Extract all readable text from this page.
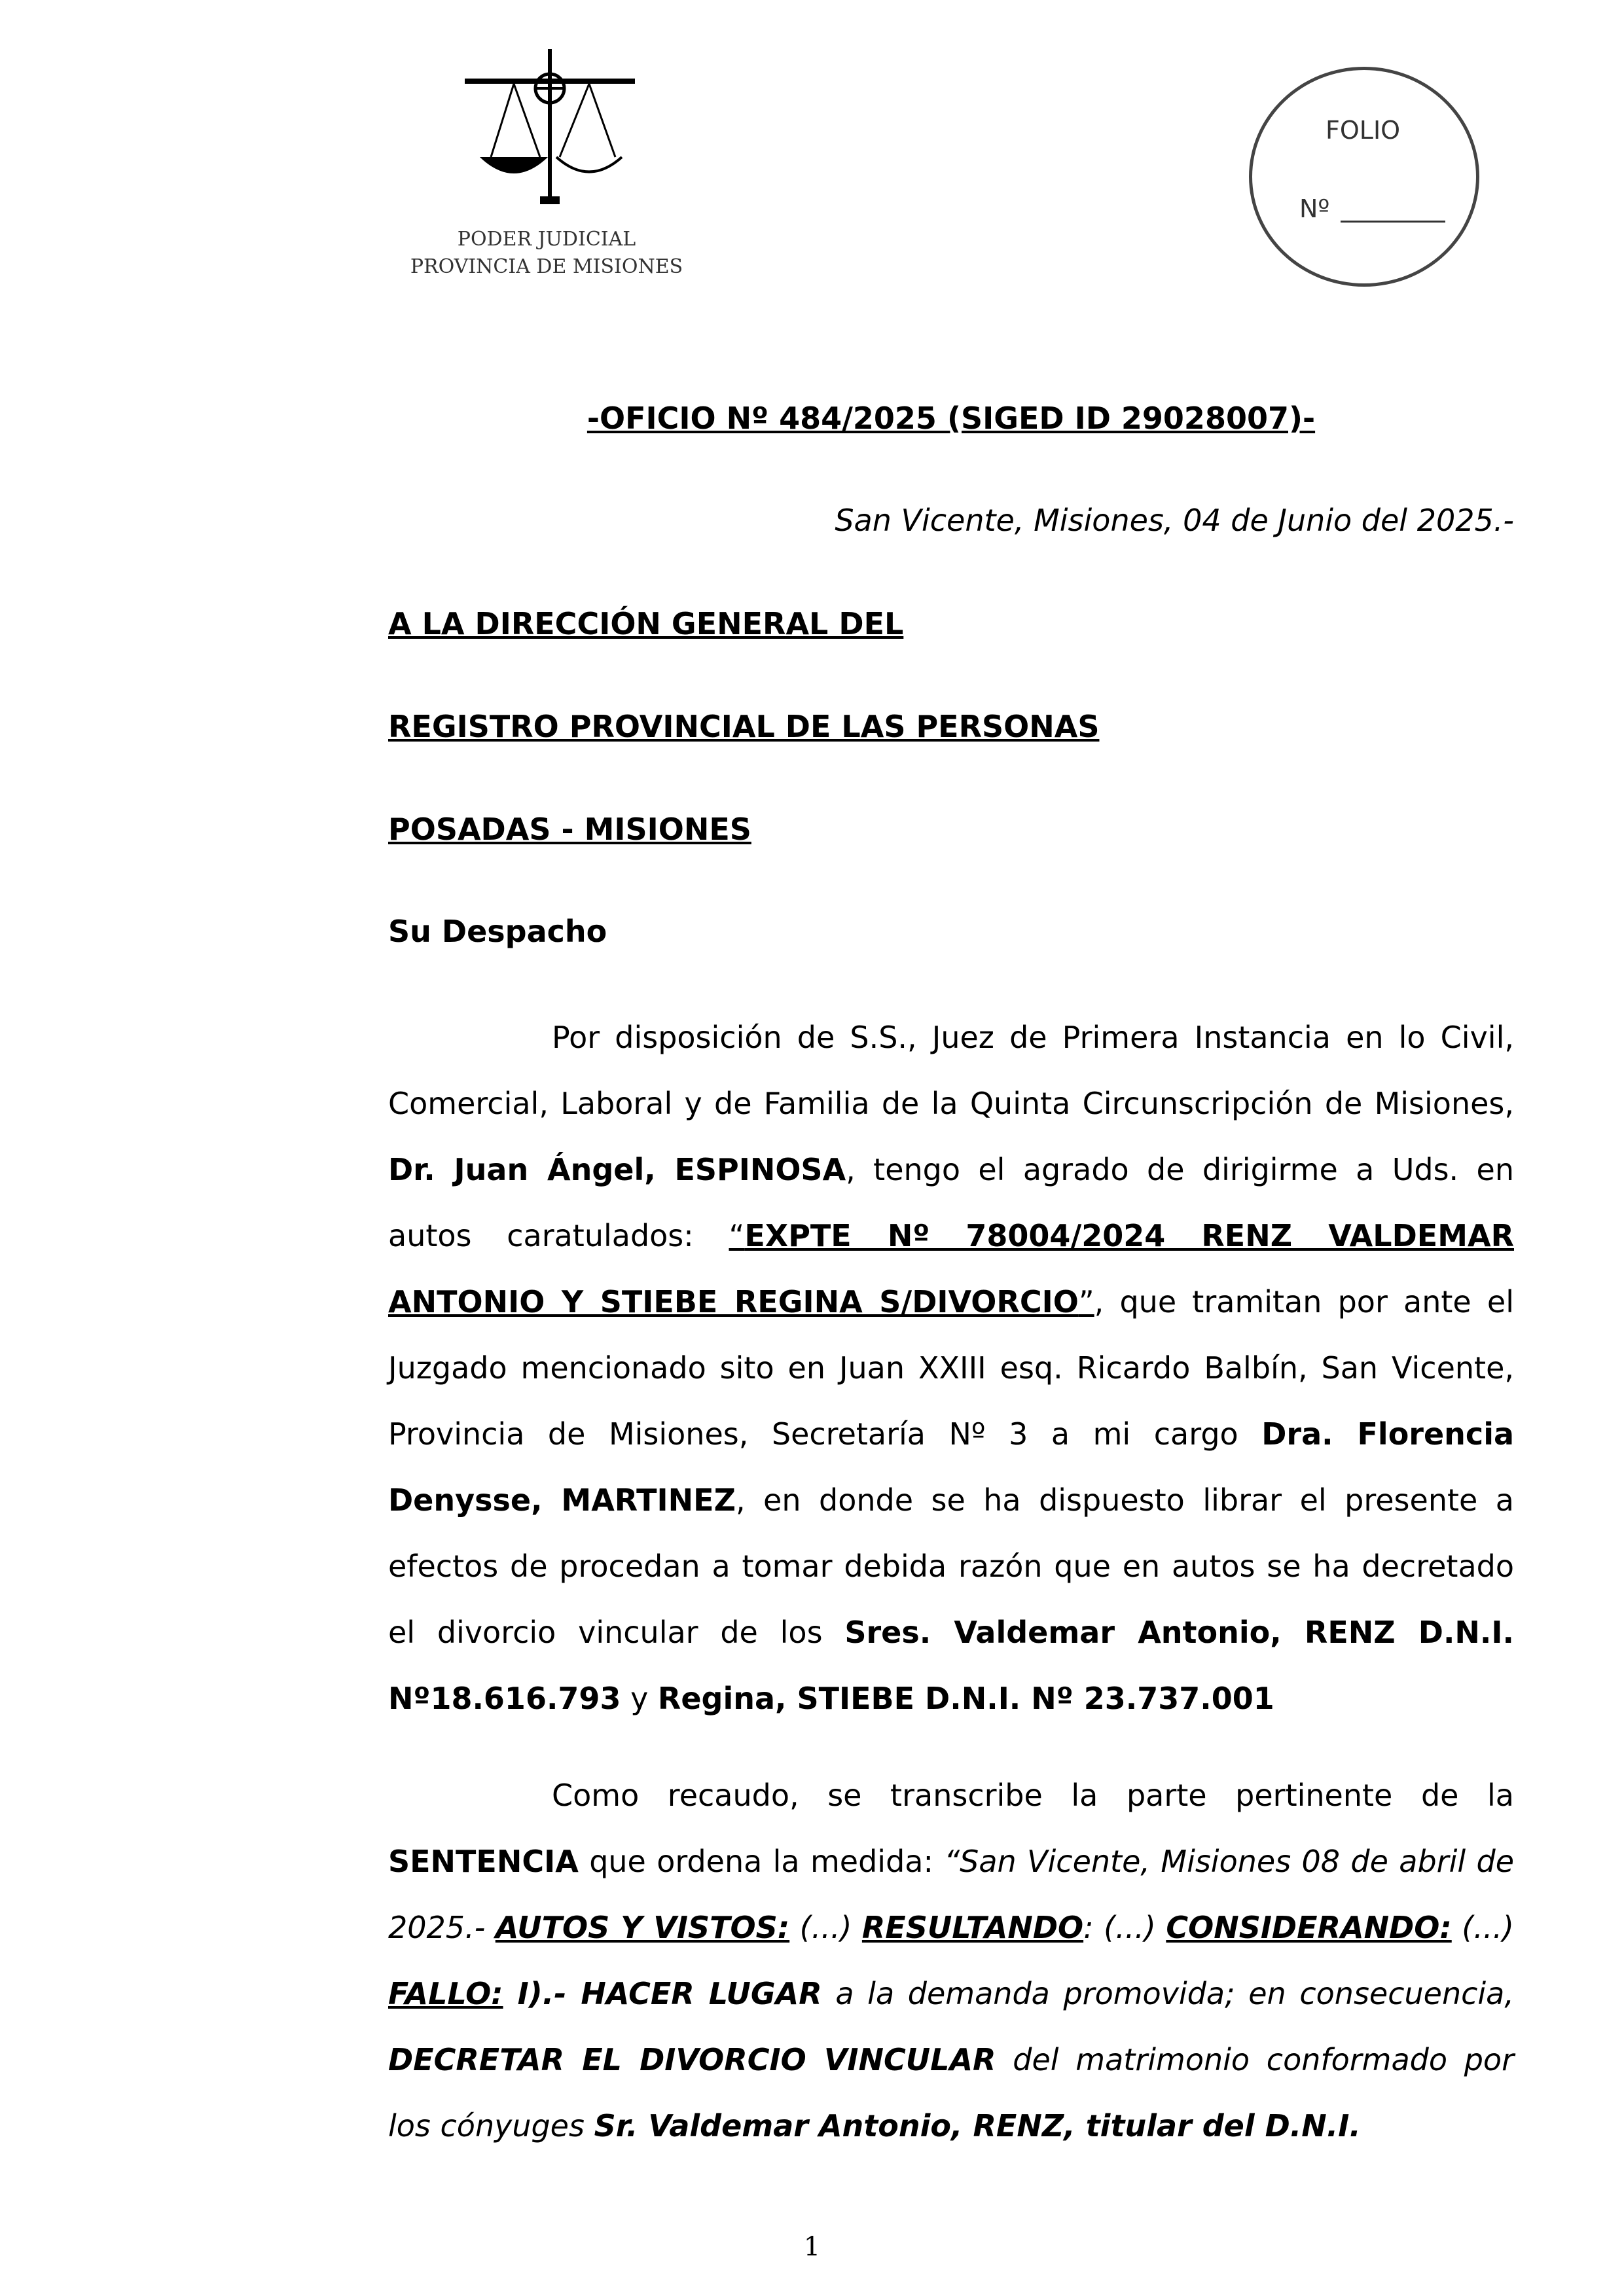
PODER JUDICIAL
PROVINCIA DE MISIONES
FOLIO
Nº
-OFICIO Nº 484/2025 (SIGED ID 29028007)-
San Vicente, Misiones, 04 de Junio del 2025.-
A LA DIRECCIÓN GENERAL DEL
REGISTRO PROVINCIAL DE LAS PERSONAS
POSADAS - MISIONES
Su Despacho

Por disposición de S.S., Juez de Primera Instancia en lo Civil, Comercial, Laboral y de Familia de la Quinta Circunscripción de Misiones, Dr. Juan Ángel, ESPINOSA, tengo el agrado de dirigirme a Uds. en autos caratulados: “EXPTE Nº 78004/2024 RENZ VALDEMAR ANTONIO Y STIEBE REGINA S/DIVORCIO”, que tramitan por ante el Juzgado mencionado sito en Juan XXIII esq. Ricardo Balbín, San Vicente, Provincia de Misiones, Secretaría Nº 3 a mi cargo Dra. Florencia Denysse, MARTINEZ, en donde se ha dispuesto librar el presente a efectos de procedan a tomar debida razón que en autos se ha decretado el divorcio vincular de los Sres. Valdemar Antonio, RENZ D.N.I. Nº18.616.793 y Regina, STIEBE D.N.I. Nº 23.737.001

Como recaudo, se transcribe la parte pertinente de la SENTENCIA que ordena la medida: “San Vicente, Misiones 08 de abril de 2025.- AUTOS Y VISTOS: (...) RESULTANDO: (...) CONSIDERANDO: (...) FALLO: I).- HACER LUGAR a la demanda promovida; en consecuencia, DECRETAR EL DIVORCIO VINCULAR del matrimonio conformado por los cónyuges Sr. Valdemar Antonio, RENZ, titular del D.N.I.

1
